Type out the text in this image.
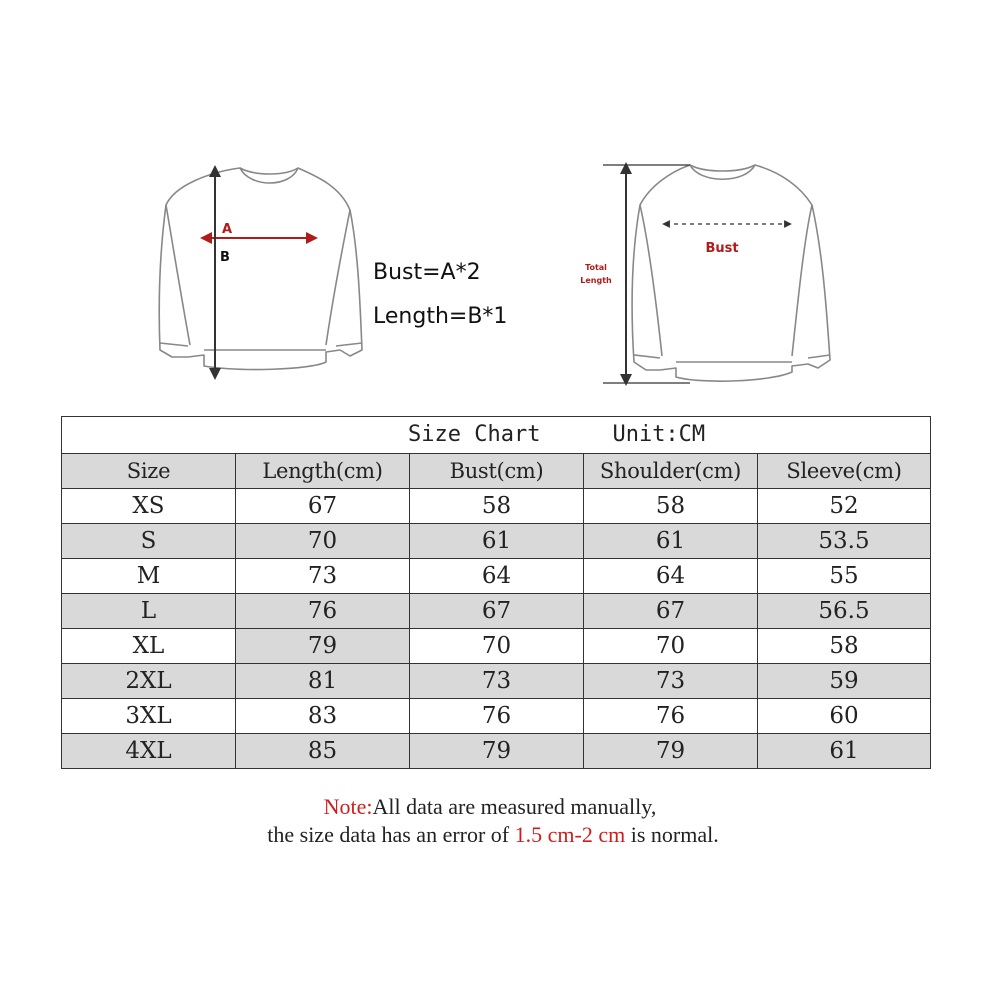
A
B
Bust
Total
Length
Bust=A*2
Length=B*1
Size Chart Unit:CM				
Size	Length(cm)	Bust(cm)	Shoulder(cm)	Sleeve(cm)
XS	67	58	58	52
S	70	61	61	53.5
M	73	64	64	55
L	76	67	67	56.5
XL	79	70	70	58
2XL	81	73	73	59
3XL	83	76	76	60
4XL	85	79	79	61
Note:All data are measured manually,
the size data has an error of 1.5 cm-2 cm is normal.
